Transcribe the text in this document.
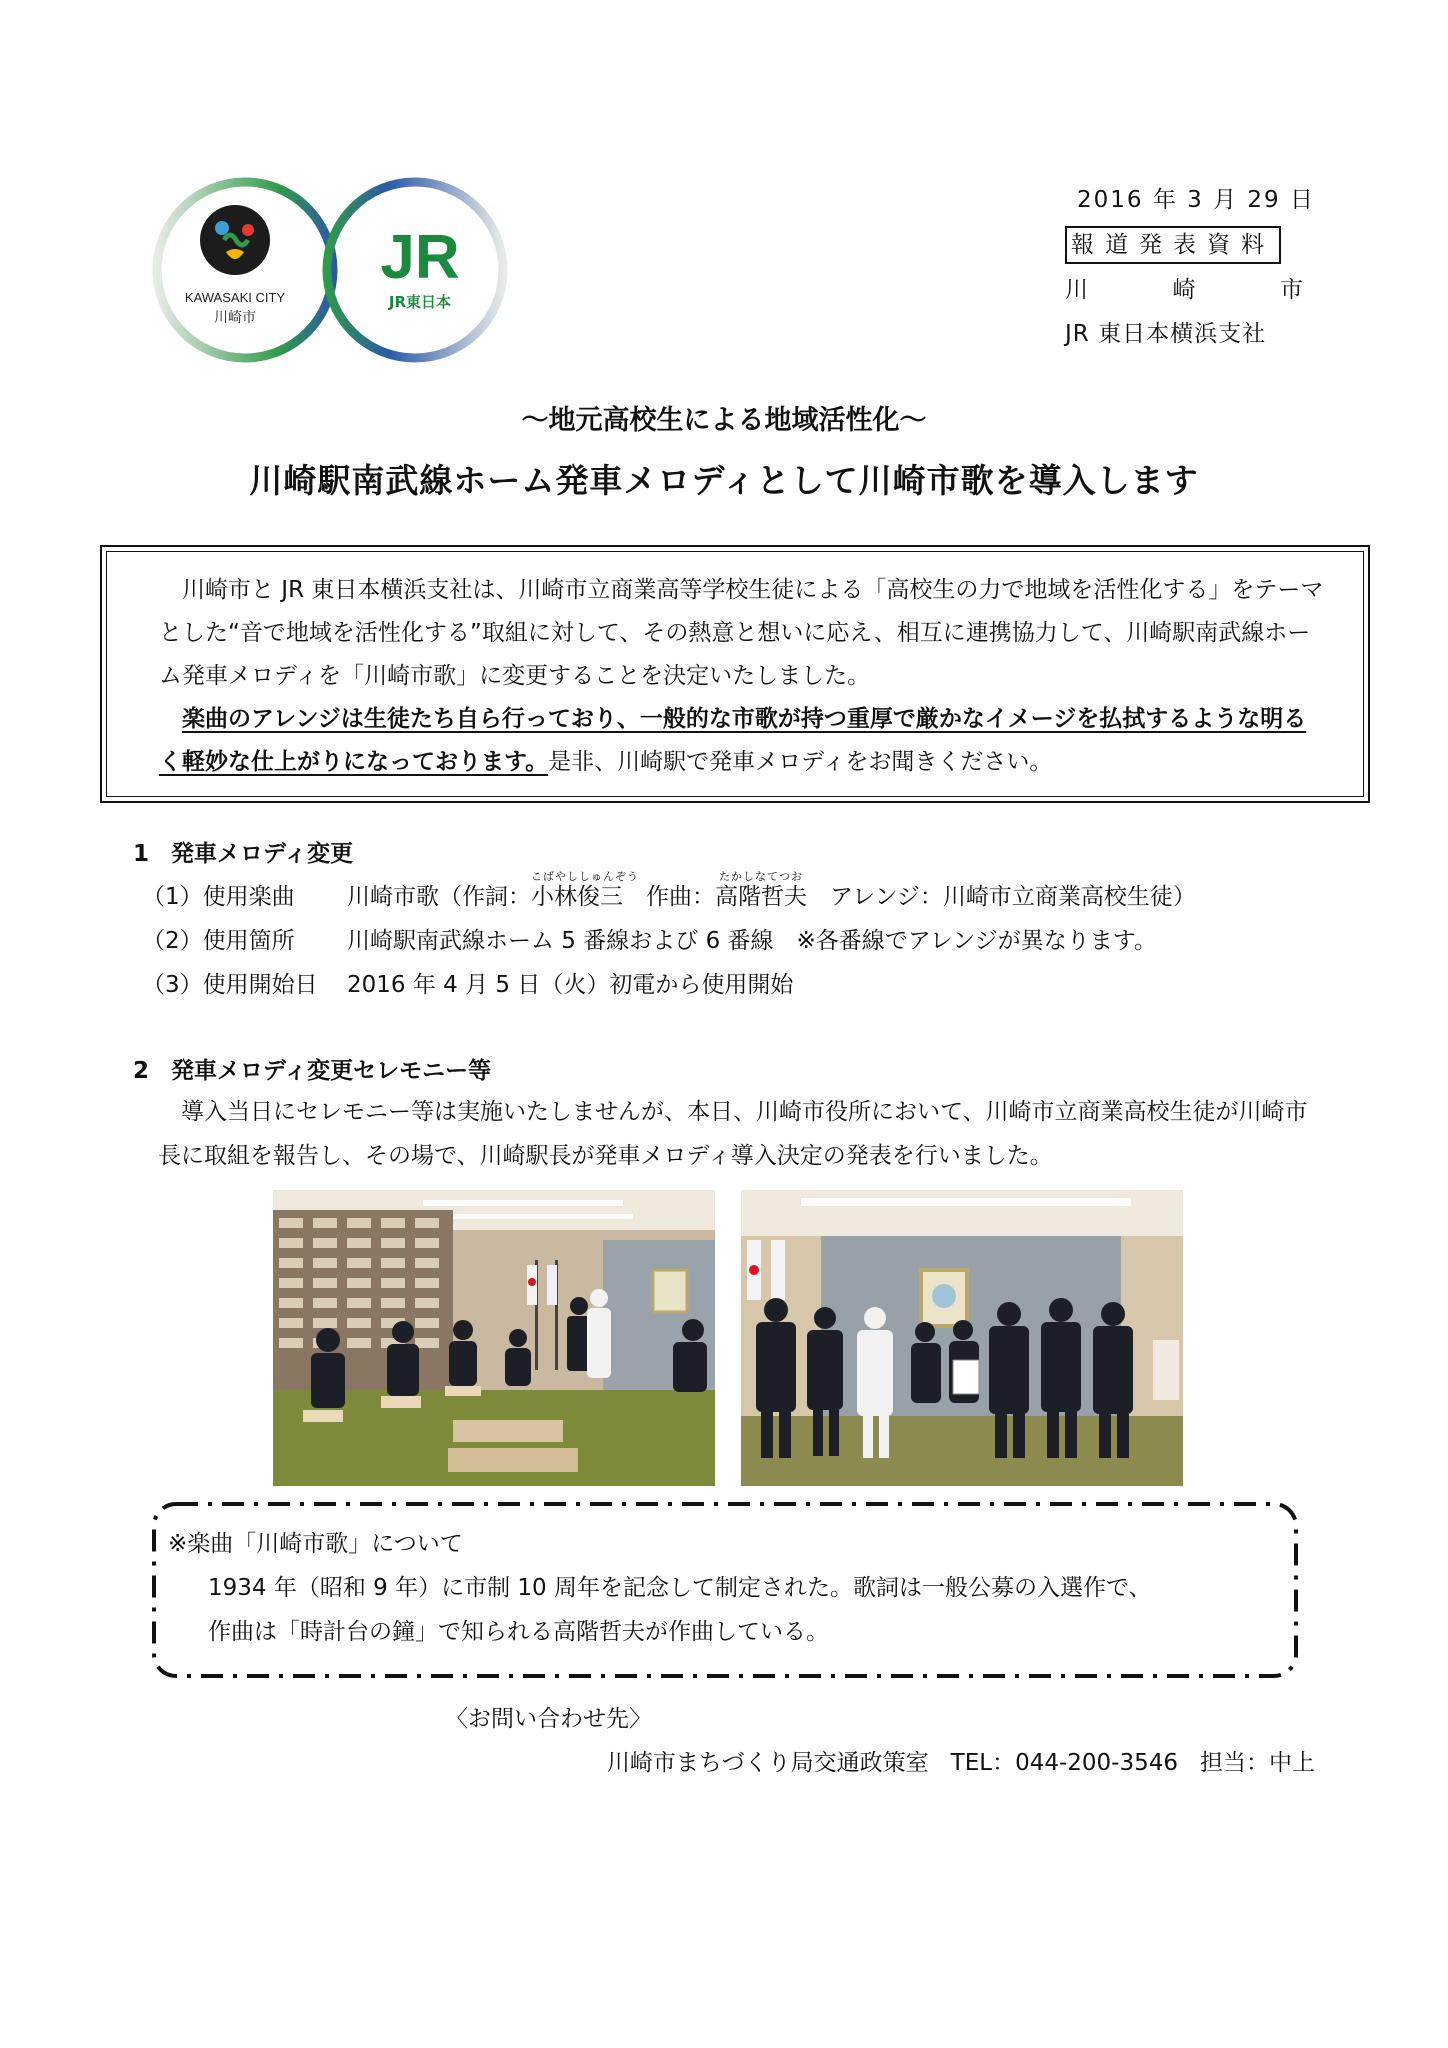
KAWASAKI CITY
川崎市
JR
JR東日本
2016 年 3 月 29 日
報道発表資料
川	崎	市
JR 東日本横浜支社
～地元高校生による地域活性化～
川崎駅南武線ホーム発車メロディとして川崎市歌を導入します

川崎市と JR 東日本横浜支社は、川崎市立商業高等学校生徒による「高校生の力で地域を活性化する」をテーマとした“音で地域を活性化する”取組に対して、その熱意と想いに応え、相互に連携協力して、川崎駅南武線ホーム発車メロディを「川崎市歌」に変更することを決定いたしました。

楽曲のアレンジは生徒たち自ら行っており、一般的な市歌が持つ重厚で厳かなイメージを払拭するような明るく軽妙な仕上がりになっております。是非、川崎駅で発車メロディをお聞きください。

1 発車メロディ変更
（1）使用楽曲	川崎市歌（作詞：
こばやししゅんぞう
小林俊三　作曲：
たかしなてつお
高階哲夫　アレンジ：川崎市立商業高校生徒）
（2）使用箇所	川崎駅南武線ホーム 5 番線および 6 番線　※各番線でアレンジが異なります。
（3）使用開始日	2016 年 4 月 5 日（火）初電から使用開始
2 発車メロディ変更セレモニー等

導入当日にセレモニー等は実施いたしませんが、本日、川崎市役所において、川崎市立商業高校生徒が川崎市長に取組を報告し、その場で、川崎駅長が発車メロディ導入決定の発表を行いました。

※楽曲「川崎市歌」について
1934 年（昭和 9 年）に市制 10 周年を記念して制定された。歌詞は一般公募の入選作で、
作曲は「時計台の鐘」で知られる高階哲夫が作曲している。
〈お問い合わせ先〉
川崎市まちづくり局交通政策室 TEL：044-200-3546 担当：中上
